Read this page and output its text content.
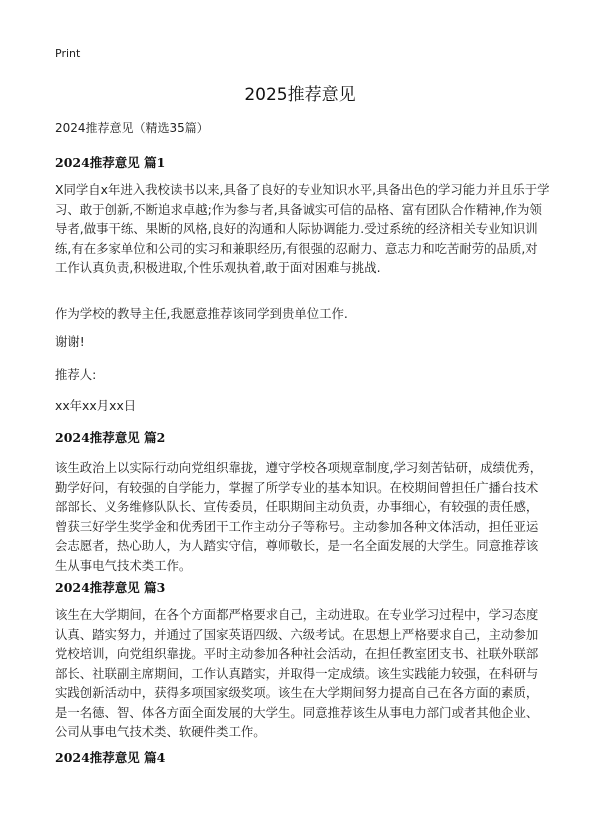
Print
2025推荐意见
2024推荐意见（精选35篇）
2024推荐意见 篇1
X同学自x年进入我校读书以来,具备了良好的专业知识水平,具备出色的学习能力并且乐于学习、敢于创新,不断追求卓越;作为参与者,具备诚实可信的品格、富有团队合作精神,作为领导者,做事干练、果断的风格,良好的沟通和人际协调能力.受过系统的经济相关专业知识训练,有在多家单位和公司的实习和兼职经历,有很强的忍耐力、意志力和吃苦耐劳的品质,对工作认真负责,积极进取,个性乐观执着,敢于面对困难与挑战.
作为学校的教导主任,我愿意推荐该同学到贵单位工作.
谢谢!
推荐人:
xx年xx月xx日
2024推荐意见 篇2
该生政治上以实际行动向党组织靠拢，遵守学校各项规章制度,学习刻苦钻研，成绩优秀，勤学好问，有较强的自学能力，掌握了所学专业的基本知识。在校期间曾担任广播台技术部部长、义务维修队队长、宣传委员，任职期间主动负责，办事细心，有较强的责任感，曾获三好学生奖学金和优秀团干工作主动分子等称号。主动参加各种文体活动，担任亚运会志愿者，热心助人，为人踏实守信，尊师敬长，是一名全面发展的大学生。同意推荐该生从事电气技术类工作。
2024推荐意见 篇3
该生在大学期间，在各个方面都严格要求自己，主动进取。在专业学习过程中，学习态度认真、踏实努力，并通过了国家英语四级、六级考试。在思想上严格要求自己，主动参加党校培训，向党组织靠拢。平时主动参加各种社会活动，在担任教室团支书、社联外联部部长、社联副主席期间，工作认真踏实，并取得一定成绩。该生实践能力较强，在科研与实践创新活动中，获得多项国家级奖项。该生在大学期间努力提高自己在各方面的素质，是一名德、智、体各方面全面发展的大学生。同意推荐该生从事电力部门或者其他企业、公司从事电气技术类、软硬件类工作。
2024推荐意见 篇4
